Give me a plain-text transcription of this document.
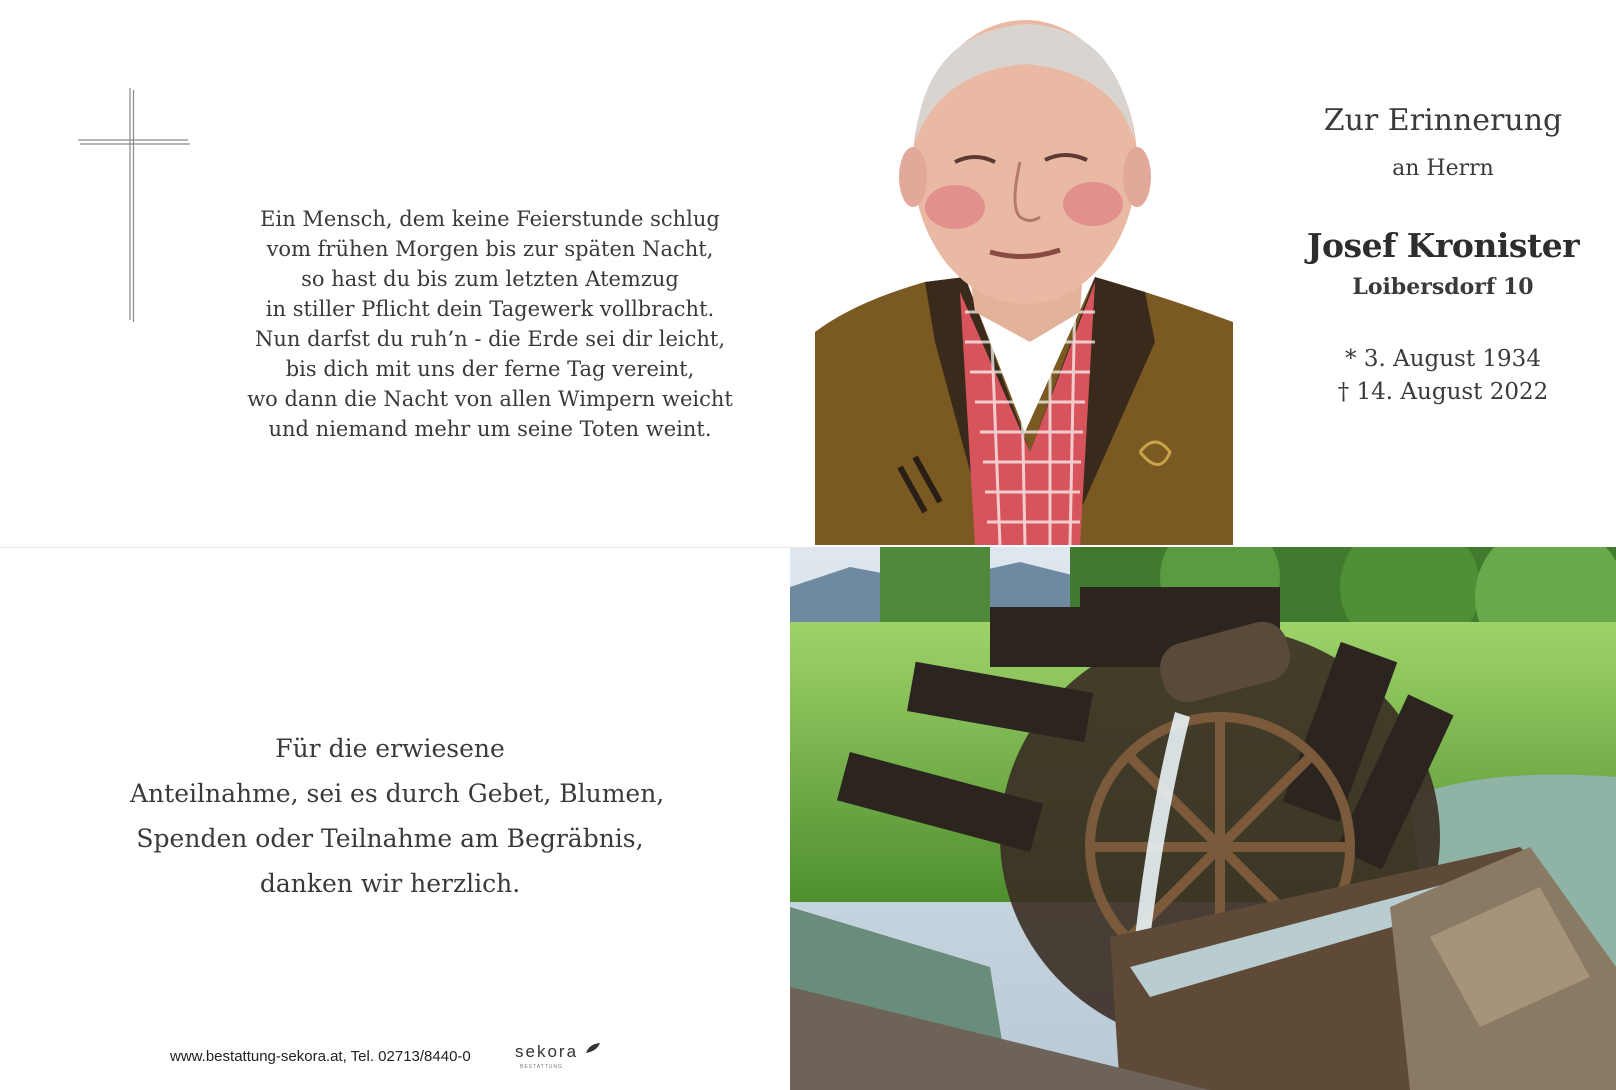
Ein Mensch, dem keine Feierstunde schlug
vom frühen Morgen bis zur späten Nacht,
so hast du bis zum letzten Atemzug
in stiller Pflicht dein Tagewerk vollbracht.
Nun darfst du ruh’n - die Erde sei dir leicht,
bis dich mit uns der ferne Tag vereint,
wo dann die Nacht von allen Wimpern weicht
und niemand mehr um seine Toten weint.
Zur Erinnerung
an Herrn
Josef Kronister
Loibersdorf 10
* 3. August 1934
† 14. August 2022
Für die erwiesene
Anteilnahme, sei es durch Gebet, Blumen,
Spenden oder Teilnahme am Begräbnis,
danken wir herzlich.
www.bestattung-sekora.at, Tel. 02713/8440-0	sekora
BESTATTUNG
